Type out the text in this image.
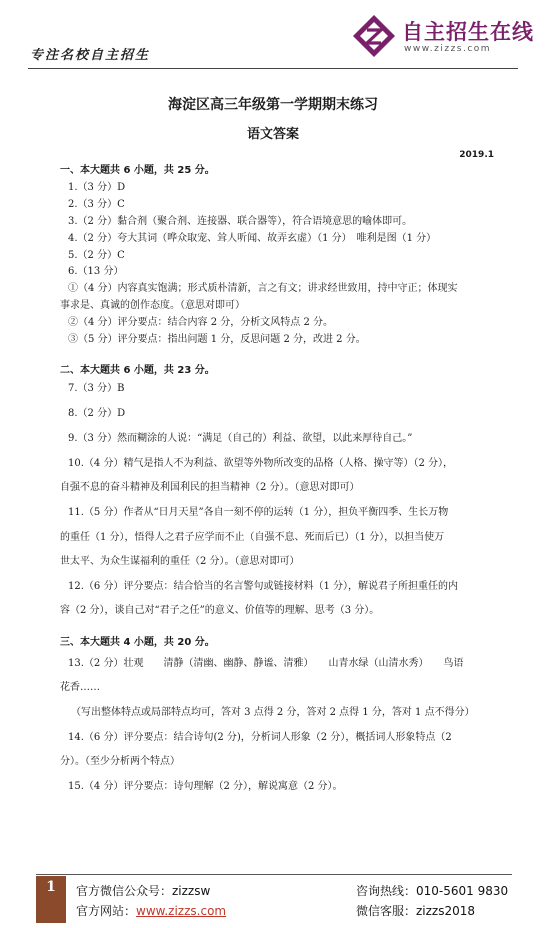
专注名校自主招生
自主招生在线
www.zizzs.com
海淀区高三年级第一学期期末练习
语文答案
2019.1
一、本大题共 6 小题，共 25 分。
1.（3 分）D
2.（3 分）C
3.（2 分）黏合剂（聚合剂、连接器、联合器等），符合语境意思的喻体即可。
4.（2 分）夸大其词（哗众取宠、耸人听闻、故弄玄虚）（1 分）　唯利是图（1 分）
5.（2 分）C
6.（13 分）
①（4 分）内容真实饱满；形式质朴清新，言之有文；讲求经世致用，持中守正；体现实
事求是、真诚的创作态度。（意思对即可）
②（4 分）评分要点：结合内容 2 分，分析文风特点 2 分。
③（5 分）评分要点：指出问题 1 分，反思问题 2 分，改进 2 分。
二、本大题共 6 小题，共 23 分。
7.（3 分）B
8.（2 分）D
9.（3 分）然而糊涂的人说：“满足（自己的）利益、欲望，以此来厚待自己。”
10.（4 分）精气是指人不为利益、欲望等外物所改变的品格（人格、操守等）（2 分），
自强不息的奋斗精神及利国利民的担当精神（2 分）。（意思对即可）
11.（5 分）作者从“日月天星”各自一刻不停的运转（1 分），担负平衡四季、生长万物
的重任（1 分），悟得人之君子应学而不止（自强不息、死而后已）（1 分），以担当使万
世太平、为众生谋福利的重任（2 分）。（意思对即可）
12.（6 分）评分要点：结合恰当的名言警句或链接材料（1 分），解说君子所担重任的内
容（2 分），谈自己对“君子之任”的意义、价值等的理解、思考（3 分）。
三、本大题共 4 小题，共 20 分。
13.（2 分）壮观　　清静（清幽、幽静、静谧、清雅）　　山青水绿（山清水秀）　　鸟语
花香……
（写出整体特点或局部特点均可，答对 3 点得 2 分，答对 2 点得 1 分，答对 1 点不得分）
14.（6 分）评分要点：结合诗句(2 分)，分析词人形象（2 分），概括词人形象特点（2
分）。（至少分析两个特点）
15.（4 分）评分要点：诗句理解（2 分），解说寓意（2 分）。
1	官方微信公众号：zizzsw
官方网站：www.zizzs.com
咨询热线：010-5601 9830
微信客服：zizzs2018
